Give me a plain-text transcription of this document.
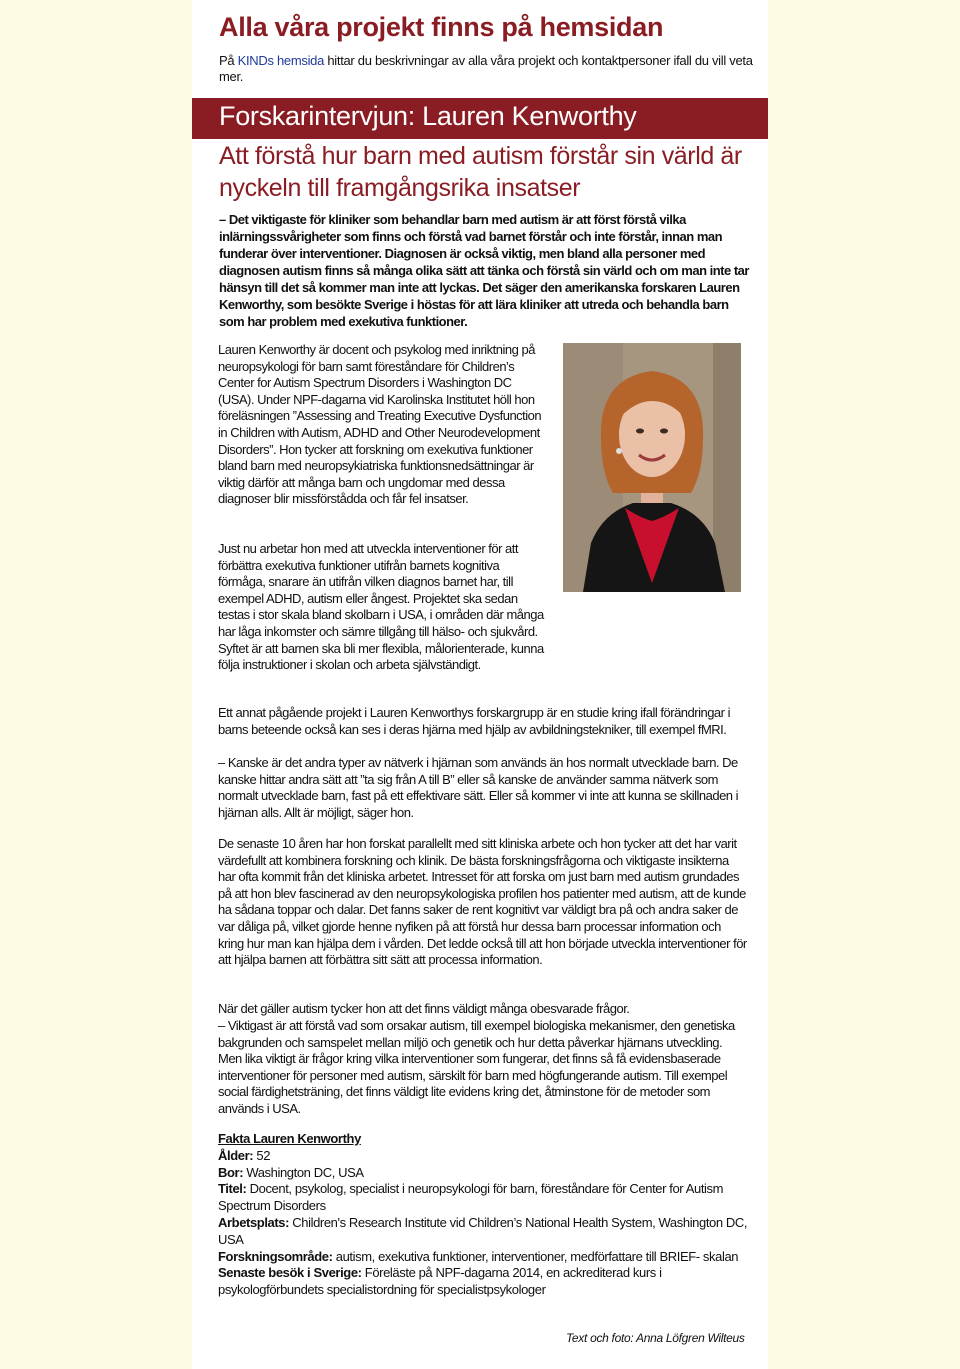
Alla våra projekt finns på hemsidan
På KINDs hemsida hittar du beskrivningar av alla våra projekt och kontaktpersoner ifall du vill veta mer.
Forskarintervjun: Lauren Kenworthy
Att förstå hur barn med autism förstår sin värld är nyckeln till framgångsrika insatser
– Det viktigaste för kliniker som behandlar barn med autism är att först förstå vilka inlärningssvårigheter som finns och förstå vad barnet förstår och inte förstår, innan man funderar över interventioner. Diagnosen är också viktig, men bland alla personer med diagnosen autism finns så många olika sätt att tänka och förstå sin värld och om man inte tar hänsyn till det så kommer man inte att lyckas. Det säger den amerikanska forskaren Lauren Kenworthy, som besökte Sverige i höstas för att lära kliniker att utreda och behandla barn som har problem med exekutiva funktioner.
Lauren Kenworthy är docent och psykolog med inriktning på neuropsykologi för barn samt föreståndare för Children’s Center for Autism Spectrum Disorders i Washington DC (USA). Under NPF-dagarna vid Karolinska Institutet höll hon föreläsningen ”Assessing and Treating Executive Dysfunction in Children with Autism, ADHD and Other Neurodevelopment Disorders”. Hon tycker att forskning om exekutiva funktioner bland barn med neuropsykiatriska funktionsnedsättningar är viktig därför att många barn och ungdomar med dessa diagnoser blir missförstådda och får fel insatser.
Just nu arbetar hon med att utveckla interventioner för att förbättra exekutiva funktioner utifrån barnets kognitiva förmåga, snarare än utifrån vilken diagnos barnet har, till exempel ADHD, autism eller ångest. Projektet ska sedan testas i stor skala bland skolbarn i USA, i områden där många har låga inkomster och sämre tillgång till hälso- och sjukvård. Syftet är att barnen ska bli mer flexibla, målorienterade, kunna följa instruktioner i skolan och arbeta självständigt.
Ett annat pågående projekt i Lauren Kenworthys forskargrupp är en studie kring ifall förändringar i barns beteende också kan ses i deras hjärna med hjälp av avbildningstekniker, till exempel fMRI.
– Kanske är det andra typer av nätverk i hjärnan som används än hos normalt utvecklade barn. De kanske hittar andra sätt att ”ta sig från A till B” eller så kanske de använder samma nätverk som normalt utvecklade barn, fast på ett effektivare sätt. Eller så kommer vi inte att kunna se skillnaden i hjärnan alls. Allt är möjligt, säger hon.
De senaste 10 åren har hon forskat parallellt med sitt kliniska arbete och hon tycker att det har varit värdefullt att kombinera forskning och klinik. De bästa forskningsfrågorna och viktigaste insikterna har ofta kommit från det kliniska arbetet. Intresset för att forska om just barn med autism grundades på att hon blev fascinerad av den neuropsykologiska profilen hos patienter med autism, att de kunde ha sådana toppar och dalar. Det fanns saker de rent kognitivt var väldigt bra på och andra saker de var dåliga på, vilket gjorde henne nyfiken på att förstå hur dessa barn processar information och kring hur man kan hjälpa dem i vården. Det ledde också till att hon började utveckla interventioner för att hjälpa barnen att förbättra sitt sätt att processa information.
När det gäller autism tycker hon att det finns väldigt många obesvarade frågor.
– Viktigast är att förstå vad som orsakar autism, till exempel biologiska mekanismer, den genetiska bakgrunden och samspelet mellan miljö och genetik och hur detta påverkar hjärnans utveckling. Men lika viktigt är frågor kring vilka interventioner som fungerar, det finns så få evidensbaserade interventioner för personer med autism, särskilt för barn med högfungerande autism. Till exempel social färdighetsträning, det finns väldigt lite evidens kring det, åtminstone för de metoder som används i USA.
Fakta Lauren Kenworthy
Ålder: 52
Bor: Washington DC, USA
Titel: Docent, psykolog, specialist i neuropsykologi för barn, föreståndare för Center for Autism Spectrum Disorders
Arbetsplats: Children's Research Institute vid Children’s National Health System, Washington DC, USA
Forskningsområde: autism, exekutiva funktioner, interventioner, medförfattare till BRIEF- skalan
Senaste besök i Sverige: Föreläste på NPF-dagarna 2014, en ackrediterad kurs i psykologförbundets specialistordning för specialistpsykologer
Text och foto: Anna Löfgren Wilteus
